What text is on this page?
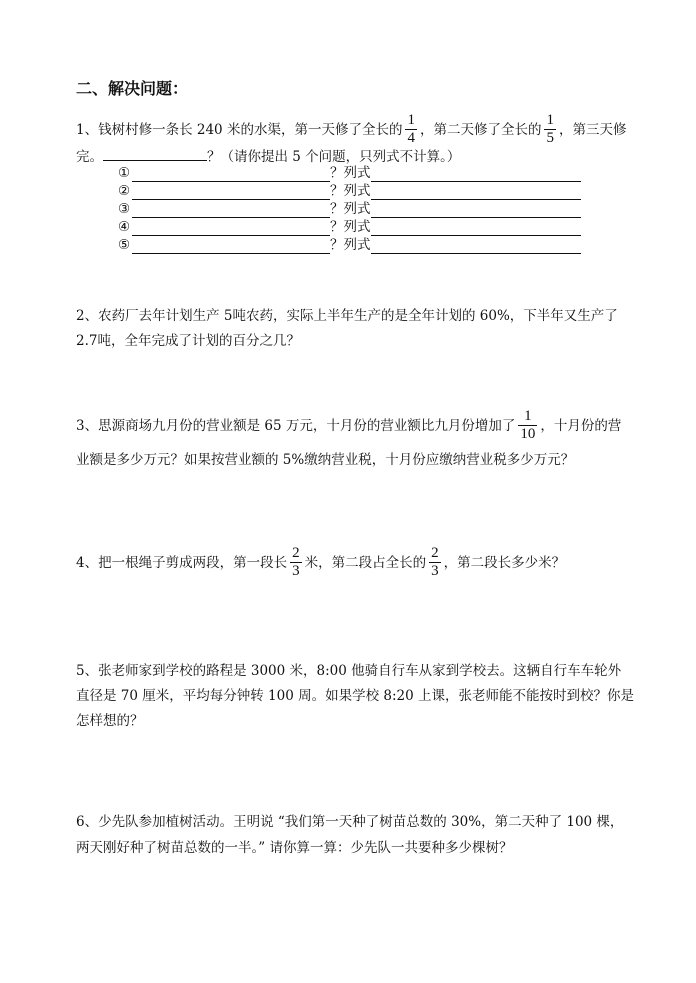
二、解决问题：
1、钱树村修一条长 240 米的水渠，第一天修了全长的 $\frac{1}{4}$ ，第二天修了全长的 $\frac{1}{5}$ ，第三天修
完。	？（请你提出 5 个问题，只列式不计算。）
①	？ 列式
②	？ 列式
③	？ 列式
④	？ 列式
⑤	？ 列式
2、农药厂去年计划生产 5吨农药，实际上半年生产的是全年计划的 60%，下半年又生产了
2.7吨，全年完成了计划的百分之几？
3、思源商场九月份的营业额是 65 万元，十月份的营业额比九月份增加了 $\frac{1}{10}$ ，十月份的营
业额是多少万元？如果按营业额的 5%缴纳营业税，十月份应缴纳营业税多少万元？
4、把一根绳子剪成两段，第一段长 $\frac{2}{3}$ 米，第二段占全长的 $\frac{2}{3}$ ，第二段长多少米？
5、张老师家到学校的路程是 3000 米，8:00 他骑自行车从家到学校去。这辆自行车车轮外
直径是 70 厘米，平均每分钟转 100 周。如果学校 8:20 上课，张老师能不能按时到校？你是
怎样想的？
6、少先队参加植树活动。王明说 “我们第一天种了树苗总数的 30%，第二天种了 100 棵，
两天刚好种了树苗总数的一半。” 请你算一算：少先队一共要种多少棵树？
